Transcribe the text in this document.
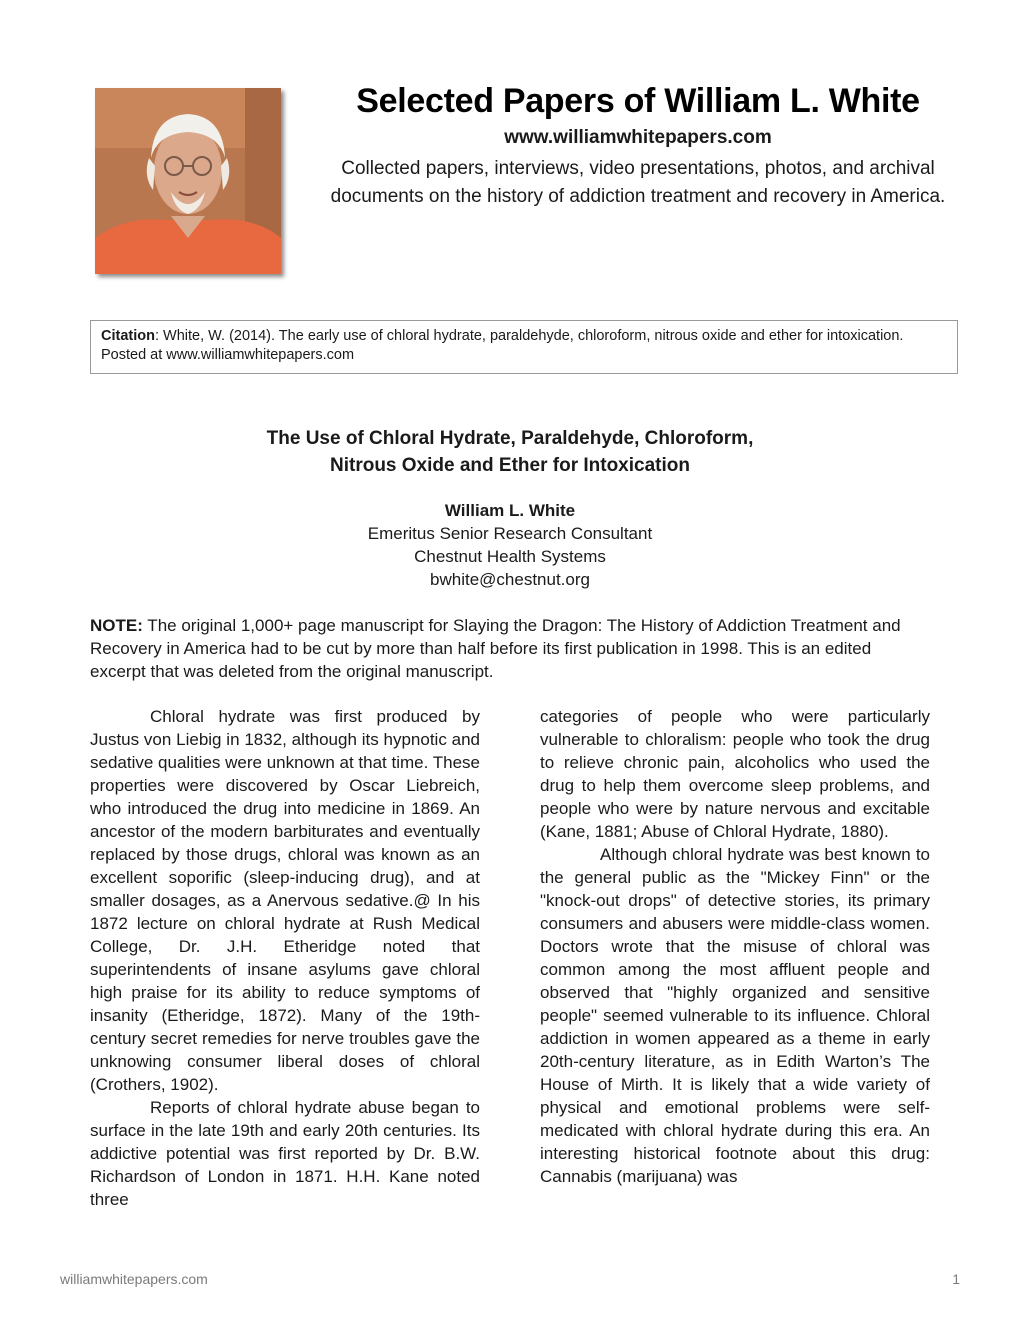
Selected Papers of William L. White
www.williamwhitepapers.com
Collected papers, interviews, video presentations, photos, and archival documents on the history of addiction treatment and recovery in America.
Citation: White, W. (2014). The early use of chloral hydrate, paraldehyde, chloroform, nitrous oxide and ether for intoxication. Posted at www.williamwhitepapers.com
The Use of Chloral Hydrate, Paraldehyde, Chloroform,
Nitrous Oxide and Ether for Intoxication
William L. White
Emeritus Senior Research Consultant
Chestnut Health Systems
bwhite@chestnut.org
NOTE: The original 1,000+ page manuscript for Slaying the Dragon: The History of Addiction Treatment and Recovery in America had to be cut by more than half before its first publication in 1998. This is an edited excerpt that was deleted from the original manuscript.

Chloral hydrate was first produced by Justus von Liebig in 1832, although its hypnotic and sedative qualities were unknown at that time. These properties were discovered by Oscar Liebreich, who introduced the drug into medicine in 1869. An ancestor of the modern barbiturates and eventually replaced by those drugs, chloral was known as an excellent soporific (sleep-inducing drug), and at smaller dosages, as a Anervous sedative.@ In his 1872 lecture on chloral hydrate at Rush Medical College, Dr. J.H. Etheridge noted that superintendents of insane asylums gave chloral high praise for its ability to reduce symptoms of insanity (Etheridge, 1872). Many of the 19th-century secret remedies for nerve troubles gave the unknowing consumer liberal doses of chloral (Crothers, 1902).

Reports of chloral hydrate abuse began to surface in the late 19th and early 20th centuries. Its addictive potential was first reported by Dr. B.W. Richardson of London in 1871. H.H. Kane noted three

categories of people who were particularly vulnerable to chloralism: people who took the drug to relieve chronic pain, alcoholics who used the drug to help them overcome sleep problems, and people who were by nature nervous and excitable (Kane, 1881; Abuse of Chloral Hydrate, 1880).

Although chloral hydrate was best known to the general public as the "Mickey Finn" or the "knock-out drops" of detective stories, its primary consumers and abusers were middle-class women. Doctors wrote that the misuse of chloral was common among the most affluent people and observed that "highly organized and sensitive people" seemed vulnerable to its influence. Chloral addiction in women appeared as a theme in early 20th-century literature, as in Edith Warton’s The House of Mirth. It is likely that a wide variety of physical and emotional problems were self-medicated with chloral hydrate during this era. An interesting historical footnote about this drug: Cannabis (marijuana) was

williamwhitepapers.com	1
